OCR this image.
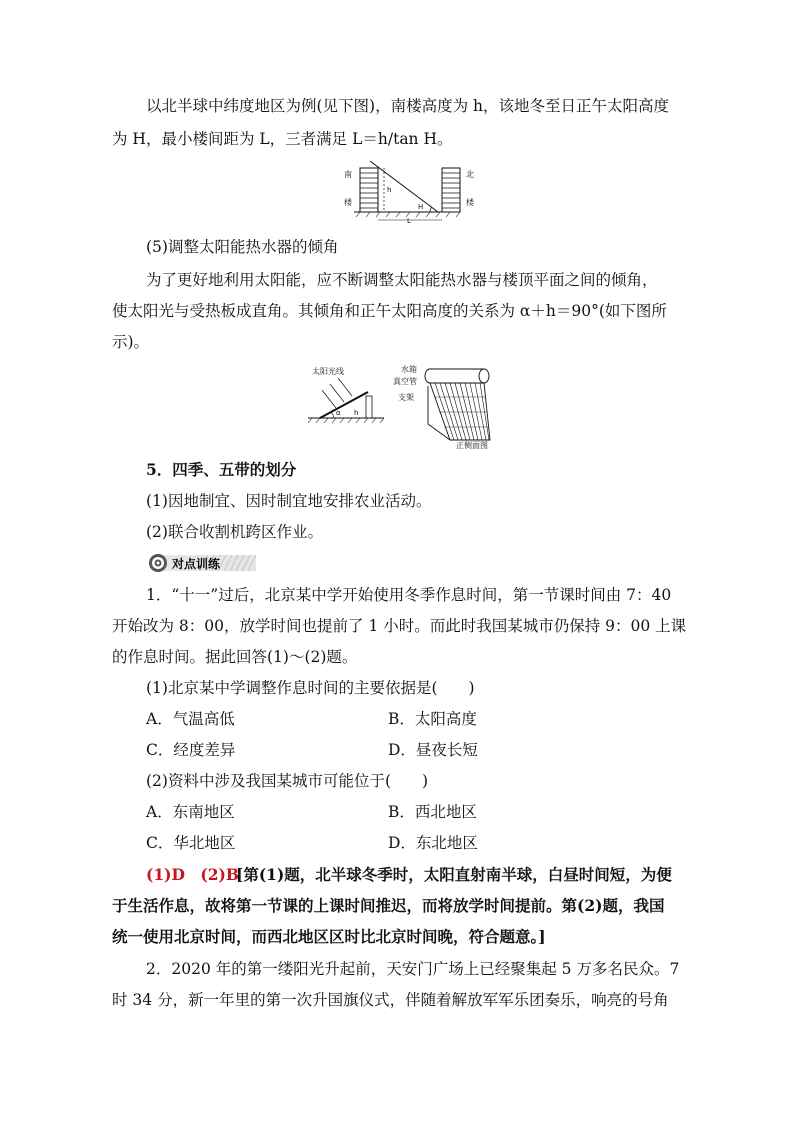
以北半球中纬度地区为例(见下图)，南楼高度为 h，该地冬至日正午太阳高度
为 H，最小楼间距为 L，三者满足 L＝h/tan H。
南
楼
北
楼
h
H
L
(5)调整太阳能热水器的倾角
为了更好地利用太阳能，应不断调整太阳能热水器与楼顶平面之间的倾角，
使太阳光与受热板成直角。其倾角和正午太阳高度的关系为 α＋h＝90°(如下图所
示)。
太阳光线
α h
水箱
真空管
支架
正侧面图
5．四季、五带的划分
(1)因地制宜、因时制宜地安排农业活动。
(2)联合收割机跨区作业。
对点训练
1．“十一”过后，北京某中学开始使用冬季作息时间，第一节课时间由 7：40
开始改为 8：00，放学时间也提前了 1 小时。而此时我国某城市仍保持 9：00 上课
的作息时间。据此回答(1)～(2)题。
(1)北京某中学调整作息时间的主要依据是(　　)
A．气温高低	B．太阳高度
C．经度差异	D．昼夜长短
(2)资料中涉及我国某城市可能位于(　　)
A．东南地区	B．西北地区
C．华北地区	D．东北地区
(1)D　(2)B
[第(1)题，北半球冬季时，太阳直射南半球，白昼时间短，为便
于生活作息，故将第一节课的上课时间推迟，而将放学时间提前。第(2)题，我国
统一使用北京时间，而西北地区区时比北京时间晚，符合题意。]
2．2020 年的第一缕阳光升起前，天安门广场上已经聚集起 5 万多名民众。7
时 34 分，新一年里的第一次升国旗仪式，伴随着解放军军乐团奏乐，响亮的号角
